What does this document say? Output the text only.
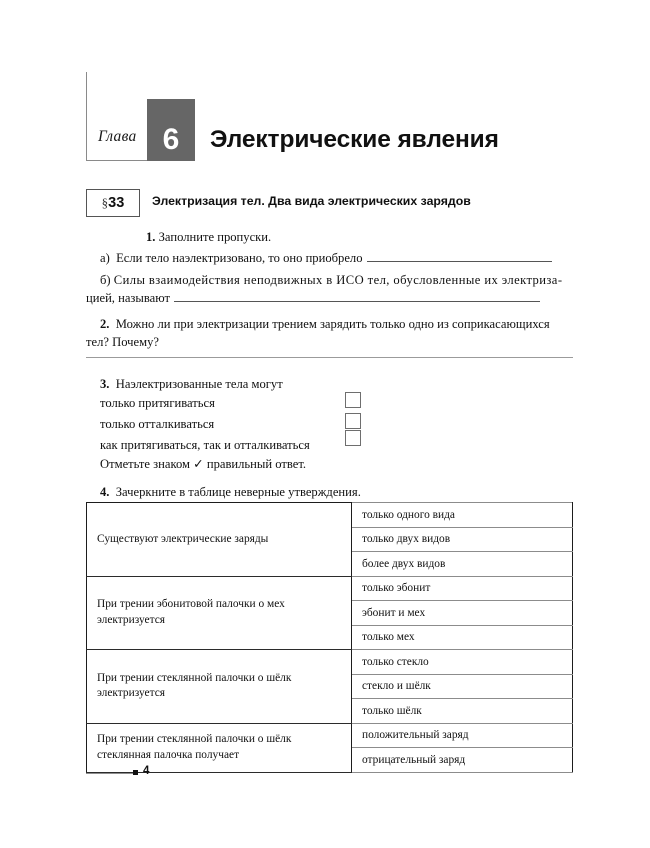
Глава 6	Электрические явления
§33	Электризация тел. Два вида электрических зарядов
1. Заполните пропуски.
а) Если тело наэлектризовано, то оно приобрело
б) Силы взаимодействия неподвижных в ИСО тел, обусловленные их электриза-
цией, называют
2. Можно ли при электризации трением зарядить только одно из соприкасающихся
тел? Почему?
3. Наэлектризованные тела могут
только притягиваться
только отталкиваться
как притягиваться, так и отталкиваться
Отметьте знаком ✓ правильный ответ.
4. Зачеркните в таблице неверные утверждения.
Существуют электрические заряды	только одного вида
	только двух видов
	более двух видов
При трении эбонитовой палочки о мех
электризуется	только эбонит
	эбонит и мех
	только мех
При трении стеклянной палочки о шёлк
электризуется	только стекло
	стекло и шёлк
	только шёлк
При трении стеклянной палочки о шёлк
стеклянная палочка получает	положительный заряд
	отрицательный заряд
4
